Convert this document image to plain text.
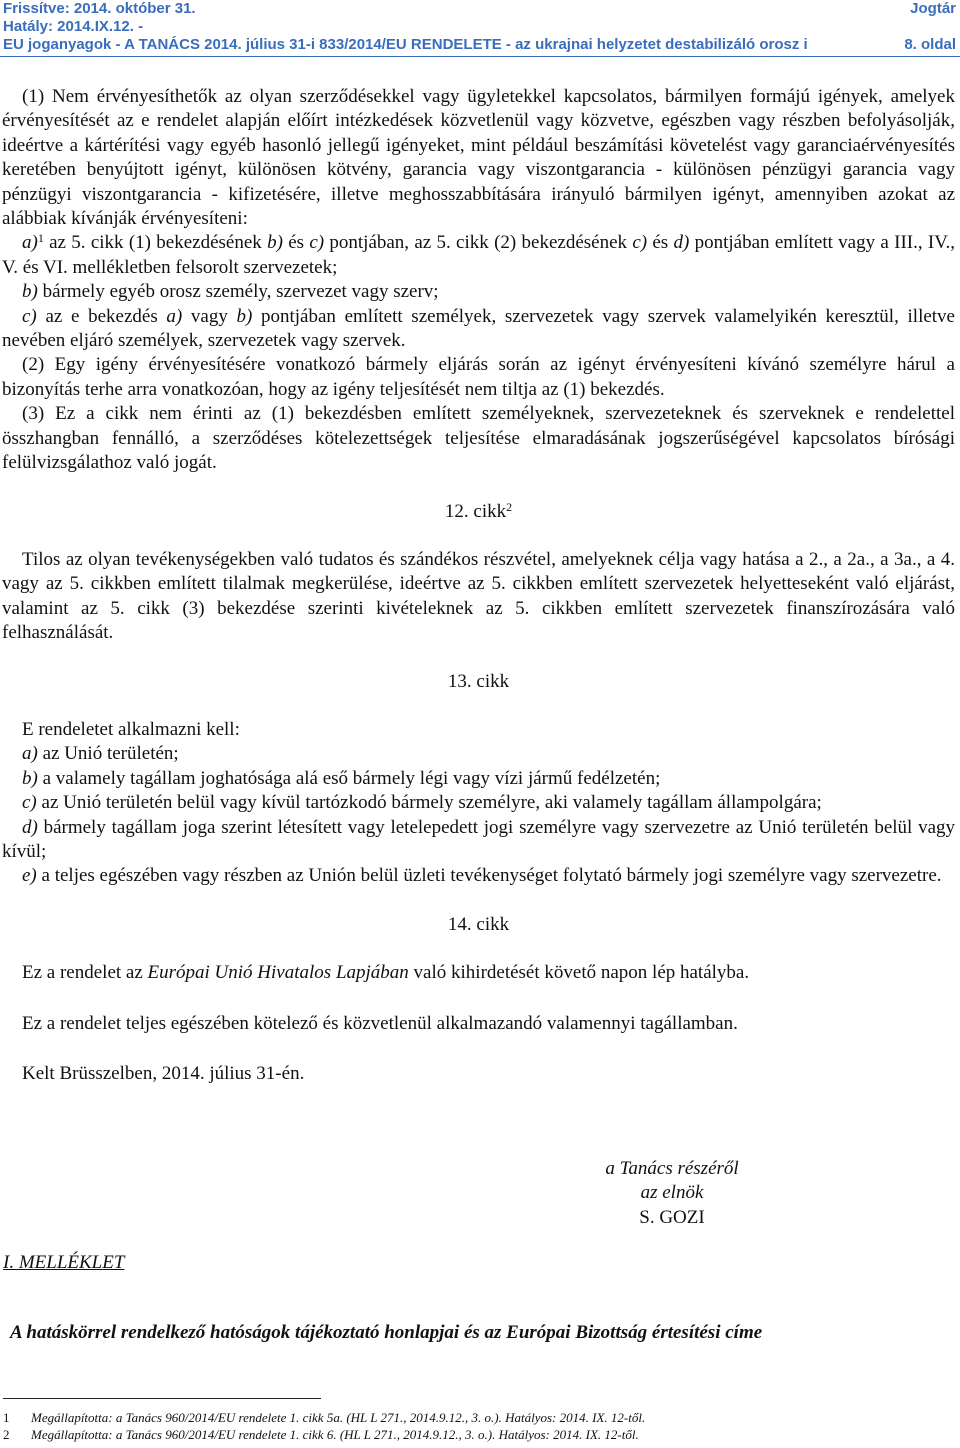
Frissítve: 2014. október 31.	Jogtár
Hatály: 2014.IX.12. -
EU joganyagok - A TANÁCS 2014. július 31-i 833/2014/EU RENDELETE - az ukrajnai helyzetet destabilizáló orosz i	8. oldal

(1) Nem érvényesíthetők az olyan szerződésekkel vagy ügyletekkel kapcsolatos, bármilyen formájú igények, amelyek érvényesítését az e rendelet alapján előírt intézkedések közvetlenül vagy közvetve, egészben vagy részben befolyásolják, ideértve a kártérítési vagy egyéb hasonló jellegű igényeket, mint például beszámítási követelést vagy garanciaérvényesítés keretében benyújtott igényt, különösen kötvény, garancia vagy viszontgarancia - különösen pénzügyi garancia vagy pénzügyi viszontgarancia - kifizetésére, illetve meghosszabbítására irányuló bármilyen igényt, amennyiben azokat az alábbiak kívánják érvényesíteni:

a)$^1$ az 5. cikk (1) bekezdésének b) és c) pontjában, az 5. cikk (2) bekezdésének c) és d) pontjában említett vagy a III., IV., V. és VI. mellékletben felsorolt szervezetek;

b) bármely egyéb orosz személy, szervezet vagy szerv;

c) az e bekezdés a) vagy b) pontjában említett személyek, szervezetek vagy szervek valamelyikén keresztül, illetve nevében eljáró személyek, szervezetek vagy szervek.

(2) Egy igény érvényesítésére vonatkozó bármely eljárás során az igényt érvényesíteni kívánó személyre hárul a bizonyítás terhe arra vonatkozóan, hogy az igény teljesítését nem tiltja az (1) bekezdés.

(3) Ez a cikk nem érinti az (1) bekezdésben említett személyeknek, szervezeteknek és szerveknek e rendelettel összhangban fennálló, a szerződéses kötelezettségek teljesítése elmaradásának jogszerűségével kapcsolatos bírósági felülvizsgálathoz való jogát.

12. cikk$^2$

Tilos az olyan tevékenységekben való tudatos és szándékos részvétel, amelyeknek célja vagy hatása a 2., a 2a., a 3a., a 4. vagy az 5. cikkben említett tilalmak megkerülése, ideértve az 5. cikkben említett szervezetek helyetteseként való eljárást, valamint az 5. cikk (3) bekezdése szerinti kivételeknek az 5. cikkben említett szervezetek finanszírozására való felhasználását.

13. cikk

E rendeletet alkalmazni kell:

a) az Unió területén;

b) a valamely tagállam joghatósága alá eső bármely légi vagy vízi jármű fedélzetén;

c) az Unió területén belül vagy kívül tartózkodó bármely személyre, aki valamely tagállam állampolgára;

d) bármely tagállam joga szerint létesített vagy letelepedett jogi személyre vagy szervezetre az Unió területén belül vagy kívül;

e) a teljes egészében vagy részben az Unión belül üzleti tevékenységet folytató bármely jogi személyre vagy szervezetre.

14. cikk

Ez a rendelet az Európai Unió Hivatalos Lapjában való kihirdetését követő napon lép hatályba.

Ez a rendelet teljes egészében kötelező és közvetlenül alkalmazandó valamennyi tagállamban.

Kelt Brüsszelben, 2014. július 31-én.

a Tanács részéről
az elnök
S. GOZI
I. MELLÉKLET
A hatáskörrel rendelkező hatóságok tájékoztató honlapjai és az Európai Bizottság értesítési címe
1 Megállapította: a Tanács 960/2014/EU rendelete 1. cikk 5a. (HL L 271., 2014.9.12., 3. o.). Hatályos: 2014. IX. 12-től.
2 Megállapította: a Tanács 960/2014/EU rendelete 1. cikk 6. (HL L 271., 2014.9.12., 3. o.). Hatályos: 2014. IX. 12-től.
